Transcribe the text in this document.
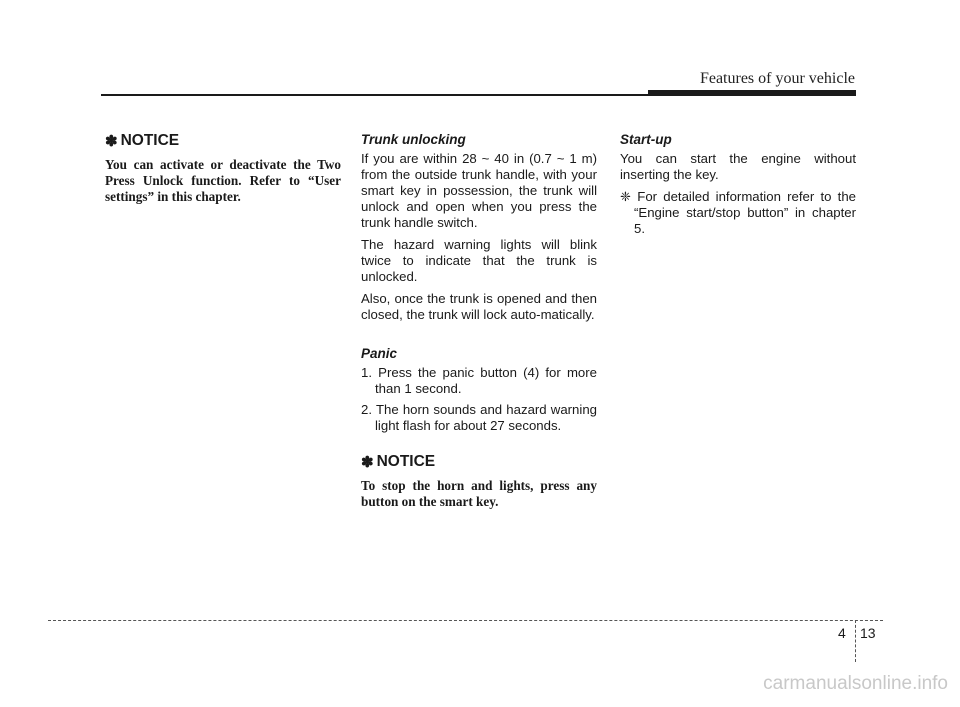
Features of your vehicle
✽ NOTICE

You can activate or deactivate the Two Press Unlock function. Refer to “User settings” in this chapter.

Trunk unlocking

If you are within 28 ~ 40 in (0.7 ~ 1 m) from the outside trunk handle, with your smart key in possession, the trunk will unlock and open when you press the trunk handle switch.

The hazard warning lights will blink twice to indicate that the trunk is unlocked.

Also, once the trunk is opened and then closed, the trunk will lock auto-matically.

Panic

1. Press the panic button (4) for more than 1 second.

2. The horn sounds and hazard warning light flash for about 27 seconds.

✽ NOTICE

To stop the horn and lights, press any button on the smart key.

Start-up

You can start the engine without inserting the key.

❈ For detailed information refer to the “Engine start/stop button” in chapter 5.

4 13
carmanualsonline.info
